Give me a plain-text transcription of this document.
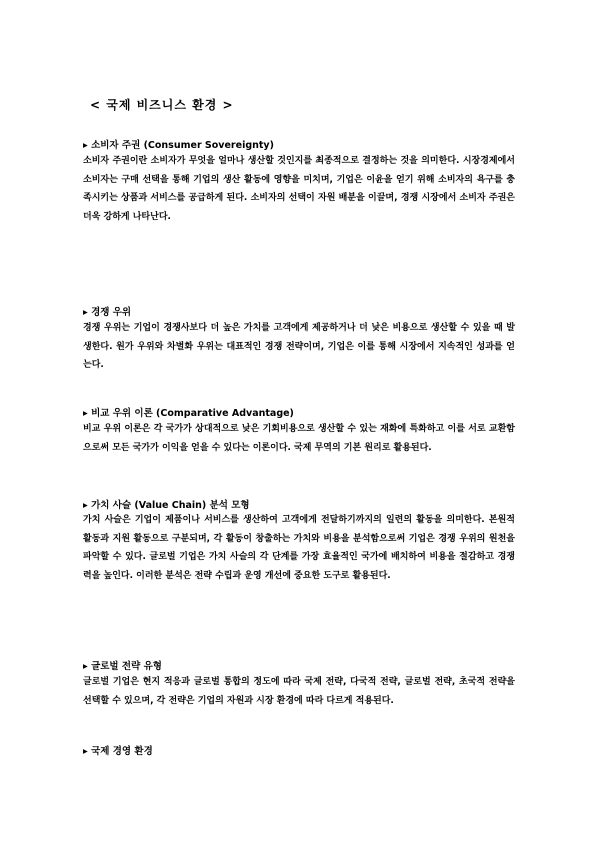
< 국제 비즈니스 환경 >
▸ 소비자 주권 (Consumer Sovereignty)
소비자 주권이란 소비자가 무엇을 얼마나 생산할 것인지를 최종적으로 결정하는 것을 의미한다. 시장경제에서 소비자는 구매 선택을 통해 기업의 생산 활동에 영향을 미치며, 기업은 이윤을 얻기 위해 소비자의 욕구를 충족시키는 상품과 서비스를 공급하게 된다. 소비자의 선택이 자원 배분을 이끌며, 경쟁 시장에서 소비자 주권은 더욱 강하게 나타난다.
▸ 경쟁 우위
경쟁 우위는 기업이 경쟁사보다 더 높은 가치를 고객에게 제공하거나 더 낮은 비용으로 생산할 수 있을 때 발생한다. 원가 우위와 차별화 우위는 대표적인 경쟁 전략이며, 기업은 이를 통해 시장에서 지속적인 성과를 얻는다.
▸ 비교 우위 이론 (Comparative Advantage)
비교 우위 이론은 각 국가가 상대적으로 낮은 기회비용으로 생산할 수 있는 재화에 특화하고 이를 서로 교환함으로써 모든 국가가 이익을 얻을 수 있다는 이론이다. 국제 무역의 기본 원리로 활용된다.
▸ 가치 사슬 (Value Chain) 분석 모형
가치 사슬은 기업이 제품이나 서비스를 생산하여 고객에게 전달하기까지의 일련의 활동을 의미한다. 본원적 활동과 지원 활동으로 구분되며, 각 활동이 창출하는 가치와 비용을 분석함으로써 기업은 경쟁 우위의 원천을 파악할 수 있다. 글로벌 기업은 가치 사슬의 각 단계를 가장 효율적인 국가에 배치하여 비용을 절감하고 경쟁력을 높인다. 이러한 분석은 전략 수립과 운영 개선에 중요한 도구로 활용된다.
▸ 글로벌 전략 유형
글로벌 기업은 현지 적응과 글로벌 통합의 정도에 따라 국제 전략, 다국적 전략, 글로벌 전략, 초국적 전략을 선택할 수 있으며, 각 전략은 기업의 자원과 시장 환경에 따라 다르게 적용된다.
▸ 국제 경영 환경
